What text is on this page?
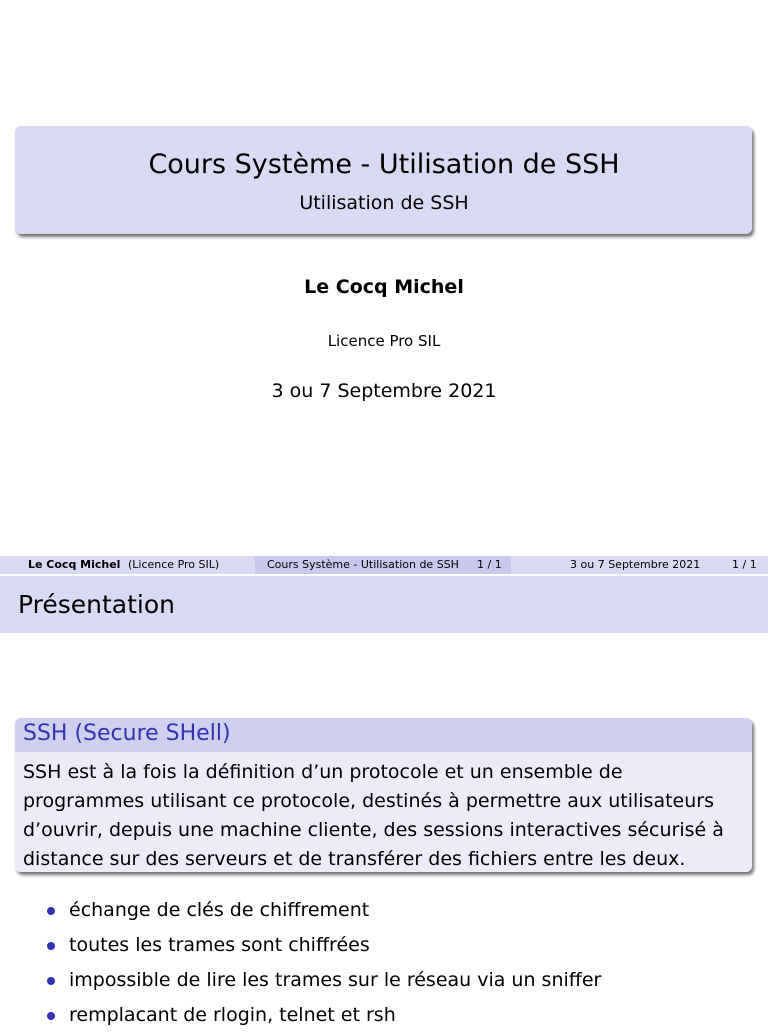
Cours Système - Utilisation de SSH
Utilisation de SSH
Le Cocq Michel
Licence Pro SIL
3 ou 7 Septembre 2021
Le Cocq Michel (Licence Pro SIL)	Cours Système - Utilisation de SSH 1 / 1	3 ou 7 Septembre 2021	1 / 1
Présentation
SSH (Secure SHell)
SSH est à la fois la définition d’un protocole et un ensemble de programmes utilisant ce protocole, destinés à permettre aux utilisateurs d’ouvrir, depuis une machine cliente, des sessions interactives sécurisé à distance sur des serveurs et de transférer des fichiers entre les deux.
échange de clés de chiffrement
toutes les trames sont chiffrées
impossible de lire les trames sur le réseau via un sniffer
remplacant de rlogin, telnet et rsh
